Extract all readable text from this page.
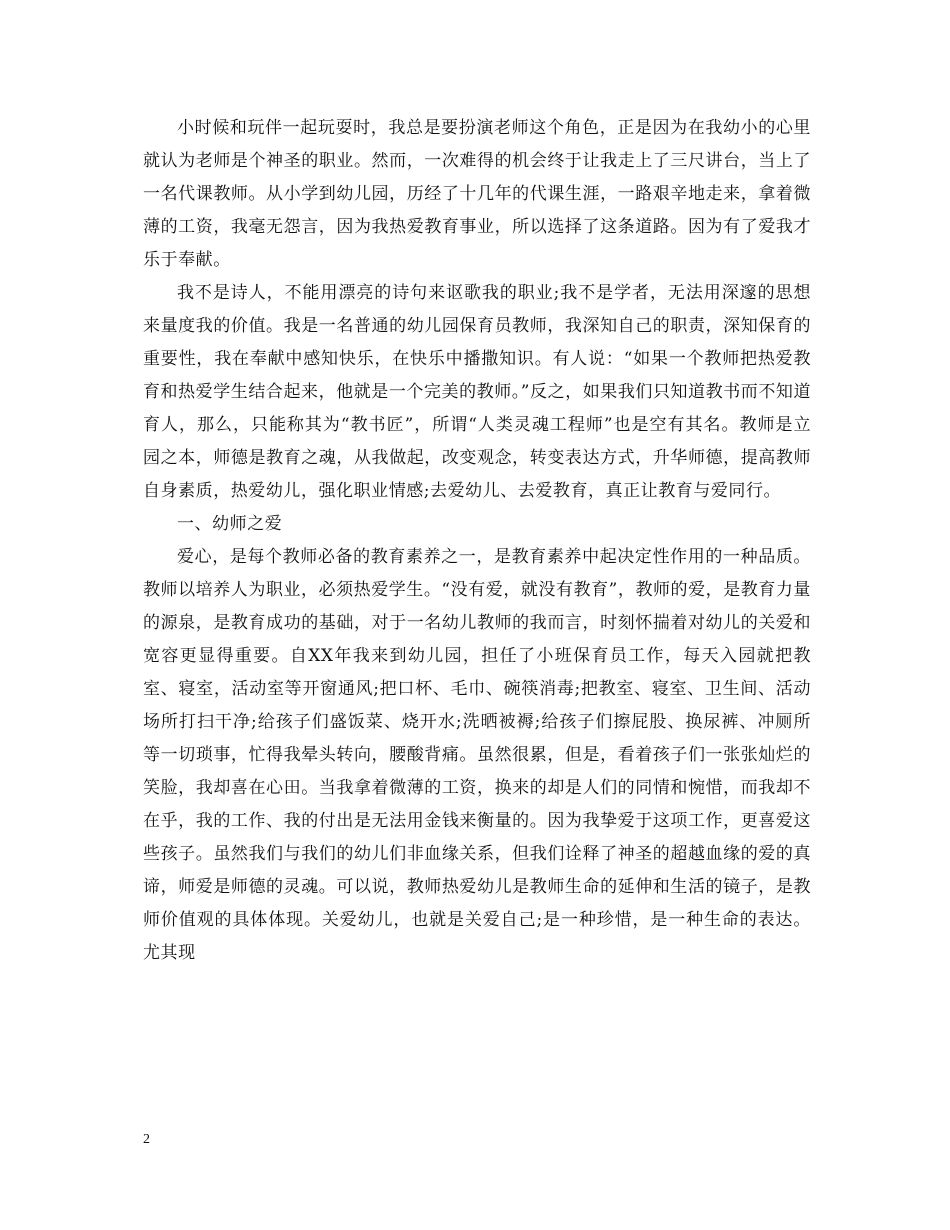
小时候和玩伴一起玩耍时，我总是要扮演老师这个角色，正是因为在我幼小的心里就认为老师是个神圣的职业。然而，一次难得的机会终于让我走上了三尺讲台，当上了一名代课教师。从小学到幼儿园，历经了十几年的代课生涯，一路艰辛地走来，拿着微薄的工资，我毫无怨言，因为我热爱教育事业，所以选择了这条道路。因为有了爱我才乐于奉献。

我不是诗人，不能用漂亮的诗句来讴歌我的职业;我不是学者，无法用深邃的思想来量度我的价值。我是一名普通的幼儿园保育员教师，我深知自己的职责，深知保育的重要性，我在奉献中感知快乐，在快乐中播撒知识。有人说：“如果一个教师把热爱教育和热爱学生结合起来，他就是一个完美的教师。”反之，如果我们只知道教书而不知道育人，那么，只能称其为“教书匠”，所谓“人类灵魂工程师”也是空有其名。教师是立园之本，师德是教育之魂，从我做起，改变观念，转变表达方式，升华师德，提高教师自身素质，热爱幼儿，强化职业情感;去爱幼儿、去爱教育，真正让教育与爱同行。

一、幼师之爱

爱心，是每个教师必备的教育素养之一，是教育素养中起决定性作用的一种品质。教师以培养人为职业，必须热爱学生。“没有爱，就没有教育”，教师的爱，是教育力量的源泉，是教育成功的基础，对于一名幼儿教师的我而言，时刻怀揣着对幼儿的关爱和宽容更显得重要。自XX年我来到幼儿园，担任了小班保育员工作，每天入园就把教室、寝室，活动室等开窗通风;把口杯、毛巾、碗筷消毒;把教室、寝室、卫生间、活动场所打扫干净;给孩子们盛饭菜、烧开水;洗晒被褥;给孩子们擦屁股、换尿裤、冲厕所等一切琐事，忙得我晕头转向，腰酸背痛。虽然很累，但是，看着孩子们一张张灿烂的笑脸，我却喜在心田。当我拿着微薄的工资，换来的却是人们的同情和惋惜，而我却不在乎，我的工作、我的付出是无法用金钱来衡量的。因为我挚爱于这项工作，更喜爱这些孩子。虽然我们与我们的幼儿们非血缘关系，但我们诠释了神圣的超越血缘的爱的真谛，师爱是师德的灵魂。可以说，教师热爱幼儿是教师生命的延伸和生活的镜子，是教师价值观的具体体现。关爱幼儿，也就是关爱自己;是一种珍惜，是一种生命的表达。尤其现

2
